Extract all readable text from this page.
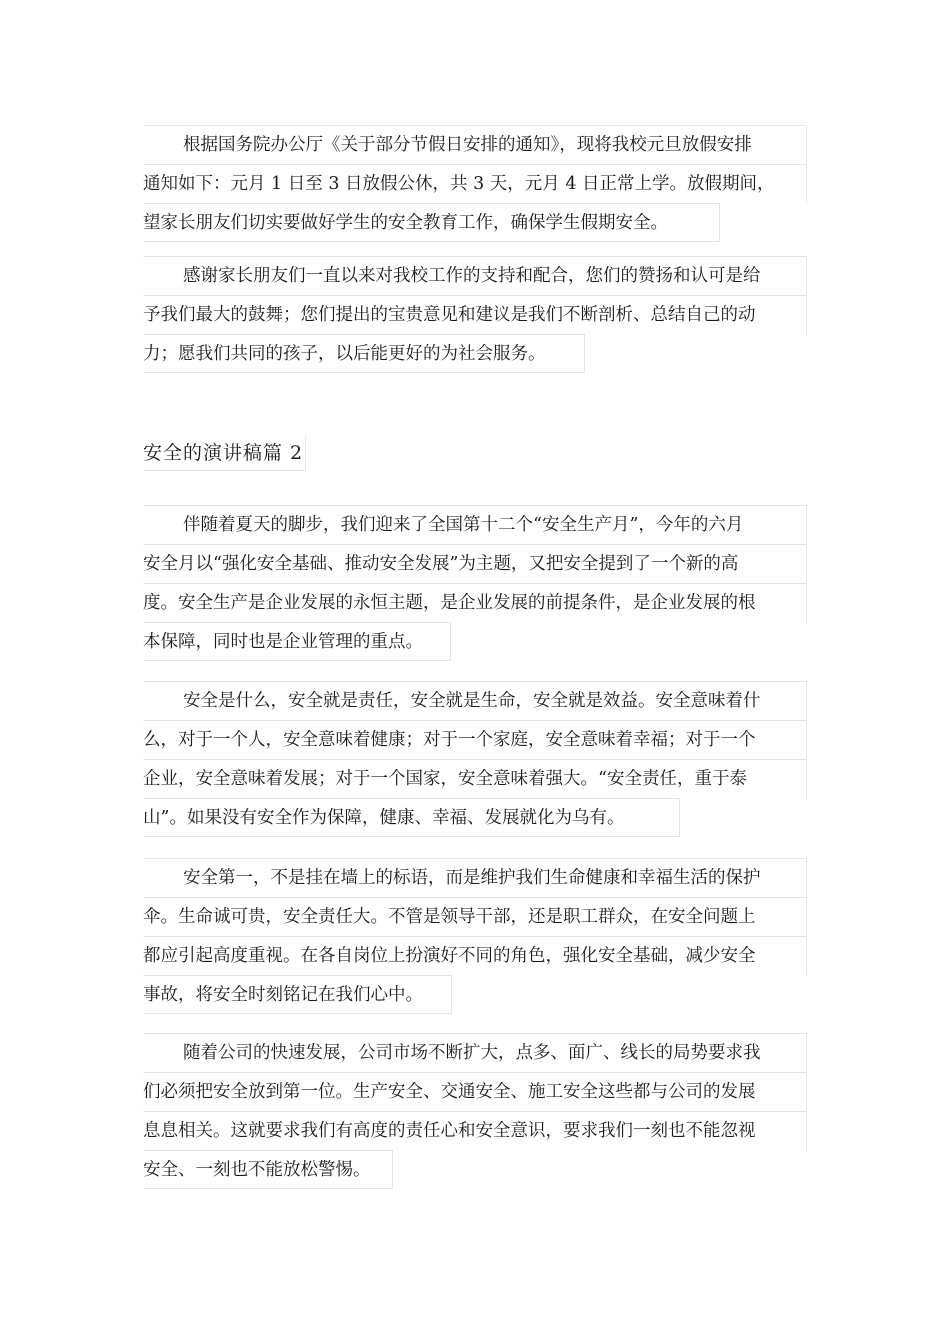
根据国务院办公厅《关于部分节假日安排的通知》，现将我校元旦放假安排
通知如下：元月 1 日至 3 日放假公休，共 3 天，元月 4 日正常上学。放假期间，
望家长朋友们切实要做好学生的安全教育工作，确保学生假期安全。
感谢家长朋友们一直以来对我校工作的支持和配合，您们的赞扬和认可是给
予我们最大的鼓舞；您们提出的宝贵意见和建议是我们不断剖析、总结自己的动
力；愿我们共同的孩子，以后能更好的为社会服务。
安全的演讲稿篇 2
伴随着夏天的脚步，我们迎来了全国第十二个“安全生产月”，今年的六月
安全月以“强化安全基础、推动安全发展”为主题，又把安全提到了一个新的高
度。安全生产是企业发展的永恒主题，是企业发展的前提条件，是企业发展的根
本保障，同时也是企业管理的重点。
安全是什么，安全就是责任，安全就是生命，安全就是效益。安全意味着什
么，对于一个人，安全意味着健康；对于一个家庭，安全意味着幸福；对于一个
企业，安全意味着发展；对于一个国家，安全意味着强大。“安全责任，重于泰
山”。如果没有安全作为保障，健康、幸福、发展就化为乌有。
安全第一，不是挂在墙上的标语，而是维护我们生命健康和幸福生活的保护
伞。生命诚可贵，安全责任大。不管是领导干部，还是职工群众，在安全问题上
都应引起高度重视。在各自岗位上扮演好不同的角色，强化安全基础，减少安全
事故，将安全时刻铭记在我们心中。
随着公司的快速发展，公司市场不断扩大，点多、面广、线长的局势要求我
们必须把安全放到第一位。生产安全、交通安全、施工安全这些都与公司的发展
息息相关。这就要求我们有高度的责任心和安全意识，要求我们一刻也不能忽视
安全、一刻也不能放松警惕。
